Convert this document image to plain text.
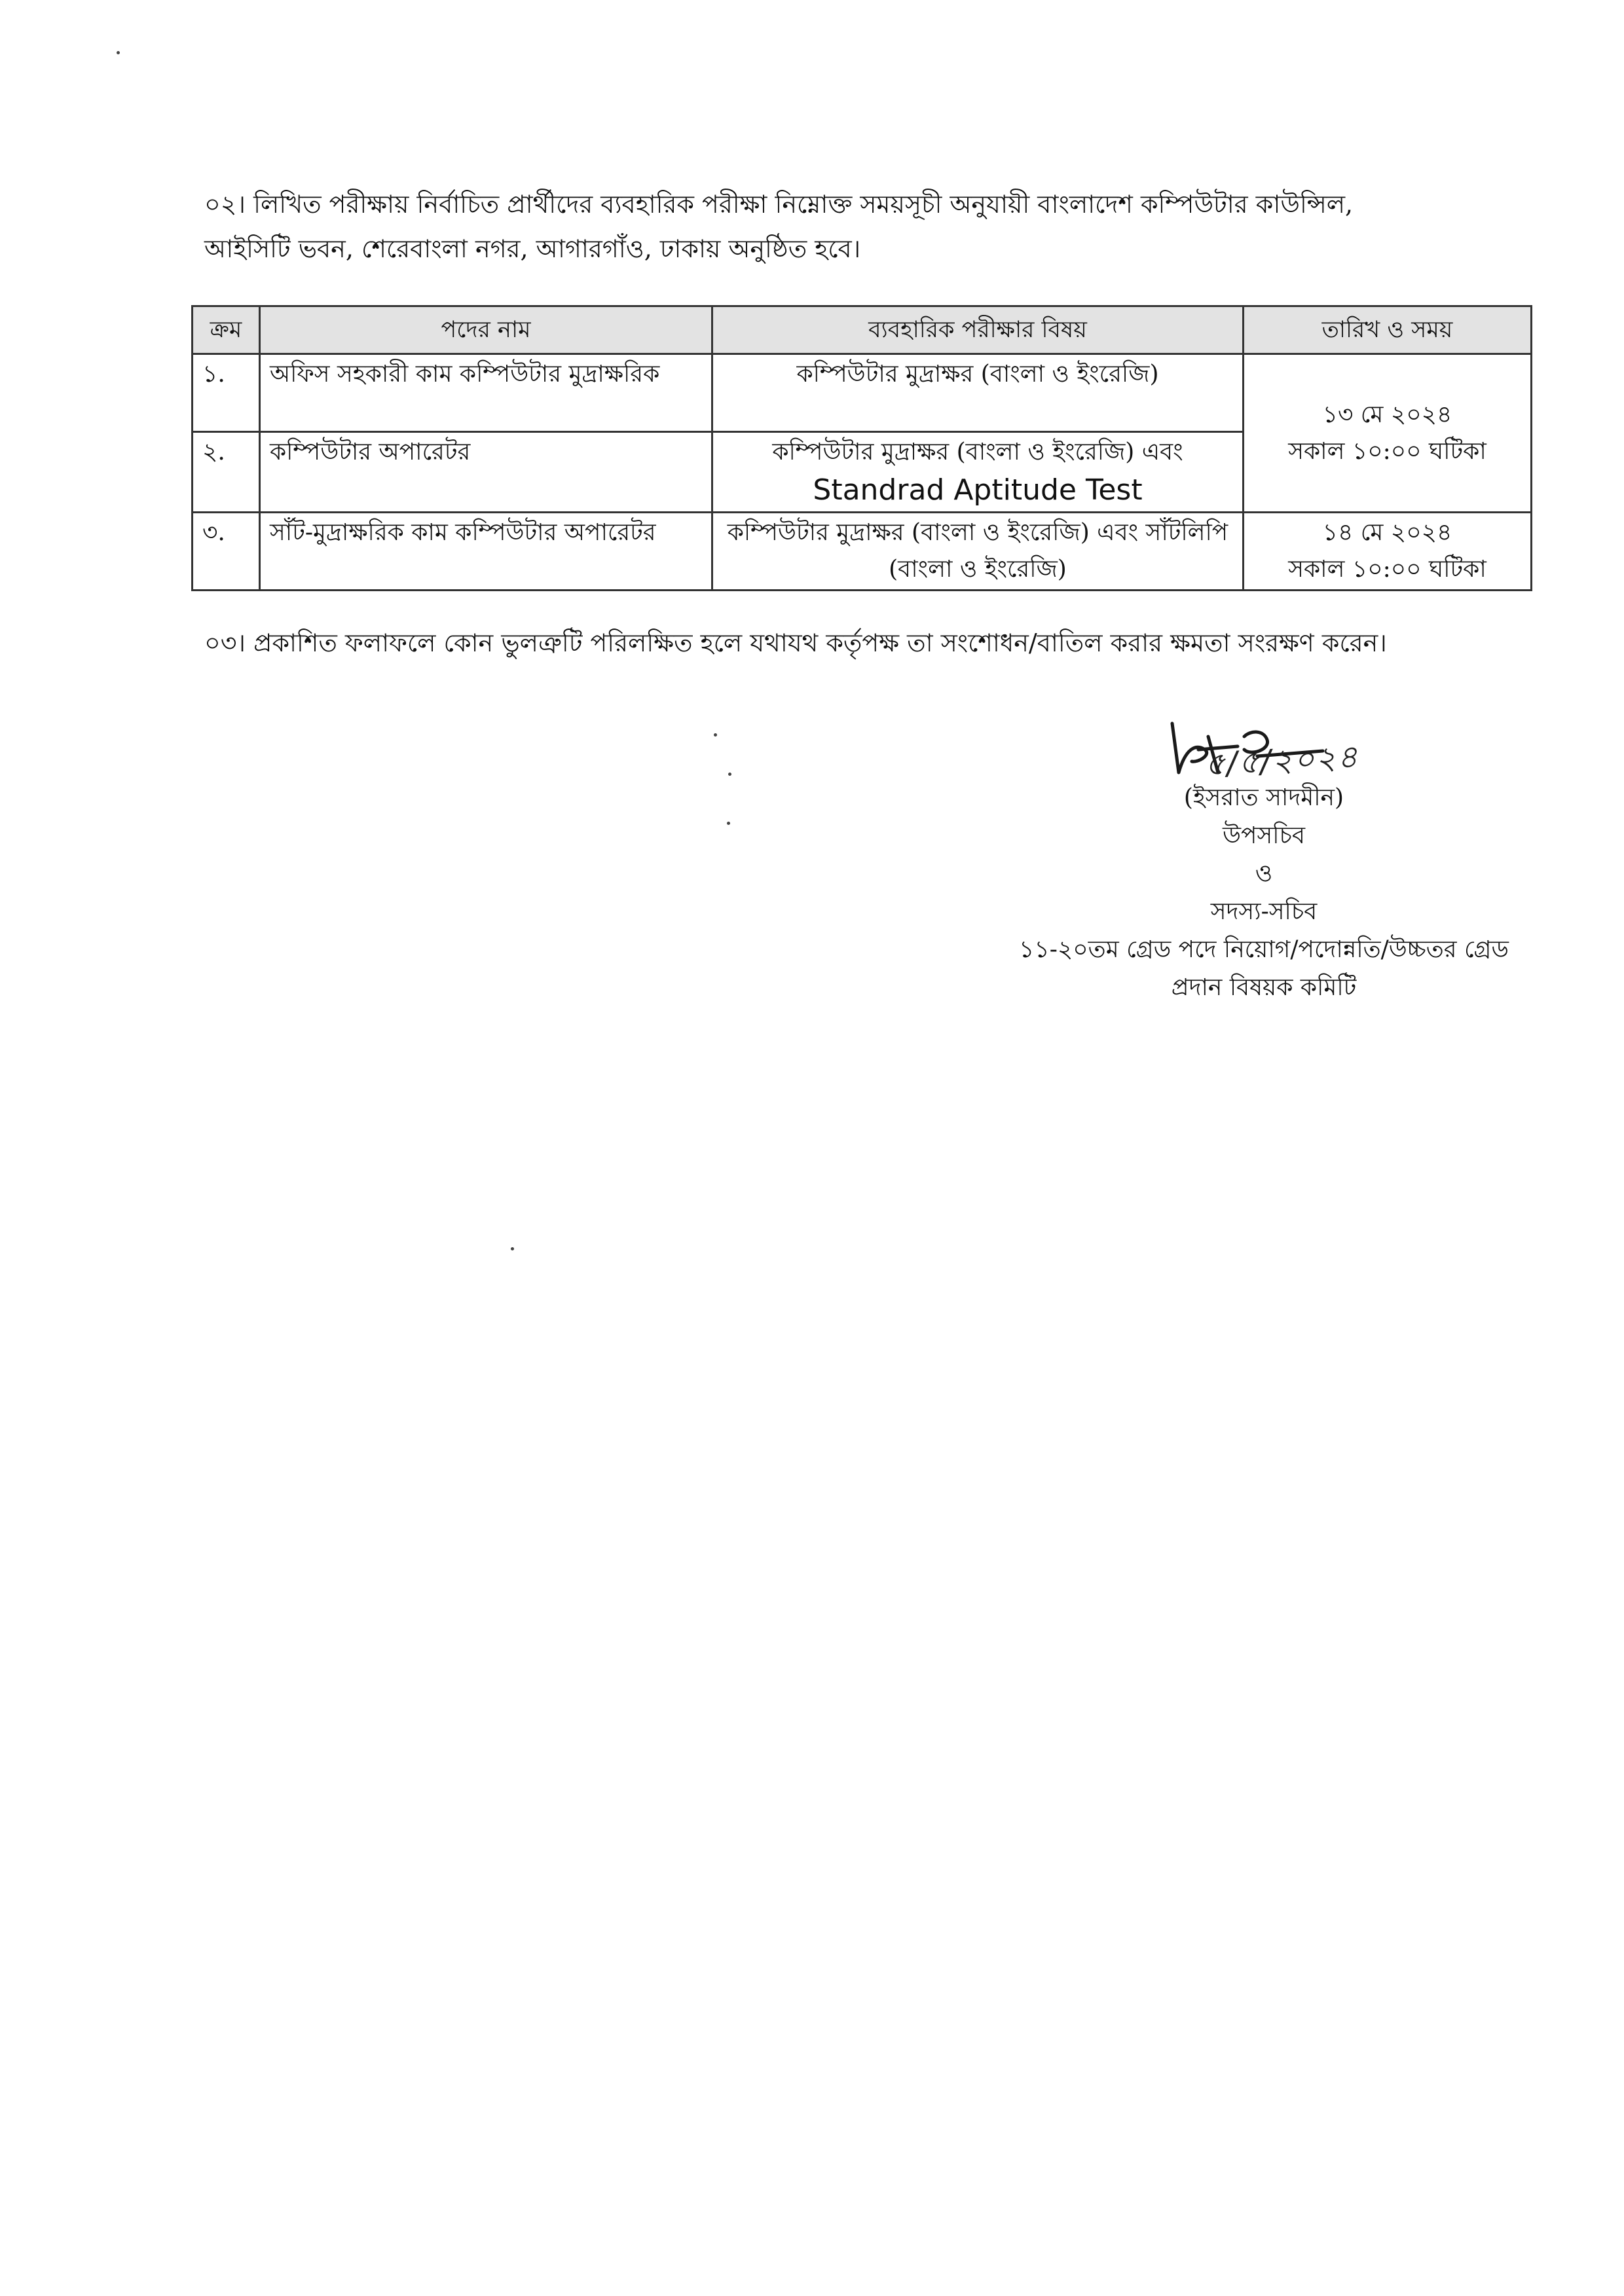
০২। লিখিত পরীক্ষায় নির্বাচিত প্রার্থীদের ব্যবহারিক পরীক্ষা নিম্নোক্ত সময়সূচী অনুযায়ী বাংলাদেশ কম্পিউটার কাউন্সিল,
আইসিটি ভবন, শেরেবাংলা নগর, আগারগাঁও, ঢাকায় অনুষ্ঠিত হবে।
ক্রম	পদের নাম	ব্যবহারিক পরীক্ষার বিষয়	তারিখ ও সময়
১.	অফিস সহকারী কাম কম্পিউটার মুদ্রাক্ষরিক	কম্পিউটার মুদ্রাক্ষর (বাংলা ও ইংরেজি)	১৩ মে ২০২৪
সকাল ১০:০০ ঘটিকা

২.	কম্পিউটার অপারেটর	কম্পিউটার মুদ্রাক্ষর (বাংলা ও ইংরেজি) এবং
Standrad Aptitude Test	

৩.	সাঁট-মুদ্রাক্ষরিক কাম কম্পিউটার অপারেটর	কম্পিউটার মুদ্রাক্ষর (বাংলা ও ইংরেজি) এবং সাঁটলিপি (বাংলা ও ইংরেজি)	১৪ মে ২০২৪
সকাল ১০:০০ ঘটিকা
০৩। প্রকাশিত ফলাফলে কোন ভুলত্রুটি পরিলক্ষিত হলে যথাযথ কর্তৃপক্ষ তা সংশোধন/বাতিল করার ক্ষমতা সংরক্ষণ করেন।
৫/৫/২০২৪
(ইসরাত সাদমীন)
উপসচিব
ও
সদস্য-সচিব
১১-২০তম গ্রেড পদে নিয়োগ/পদোন্নতি/উচ্চতর গ্রেড
প্রদান বিষয়ক কমিটি
